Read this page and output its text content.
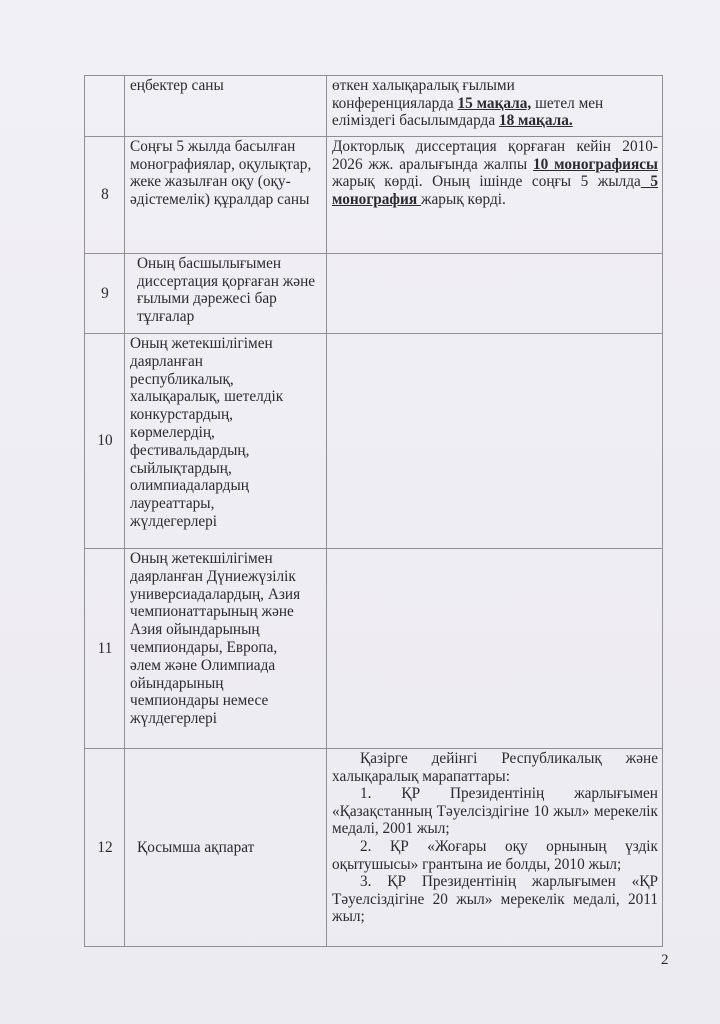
	еңбектер саны	өткен халықаралық ғылыми
конференцияларда 15 мақала, шетел мен
еліміздегі басылымдарда 18 мақала.

8	Соңғы 5 жылда басылған монографиялар, оқулықтар, жеке жазылған оқу (оқу-әдістемелік) құралдар саны	Докторлық диссертация қорғаған кейін 2010-2026 жж. аралығында жалпы 10 монографиясы жарық көрді. Оның ішінде соңғы 5 жылда 5 монография жарық көрді.
9	Оның басшылығымен диссертация қорғаған және ғылыми дәрежесі бар тұлғалар	
10	Оның жетекшілігімен даярланған республикалық, халықаралық, шетелдік конкурстардың, көрмелердің, фестивальдардың, сыйлықтардың, олимпиадалардың лауреаттары, жүлдегерлері	
11	Оның жетекшілігімен даярланған Дүниежүзілік универсиадалардың, Азия чемпионаттарының және Азия ойындарының чемпиондары, Европа, әлем және Олимпиада ойындарының чемпиондары немесе жүлдегерлері	
12	Қосымша ақпарат	Қазірге дейінгі Республикалық және халықаралық марапаттары:

1. ҚР Президентінің жарлығымен «Қазақстанның Тәуелсіздігіне 10 жыл» мерекелік медалі, 2001 жыл;

2. ҚР «Жоғары оқу орнының үздік оқытушысы» грантына ие болды, 2010 жыл;

3. ҚР Президентінің жарлығымен «ҚР Тәуелсіздігіне 20 жыл» мерекелік медалі, 2011 жыл;

2
